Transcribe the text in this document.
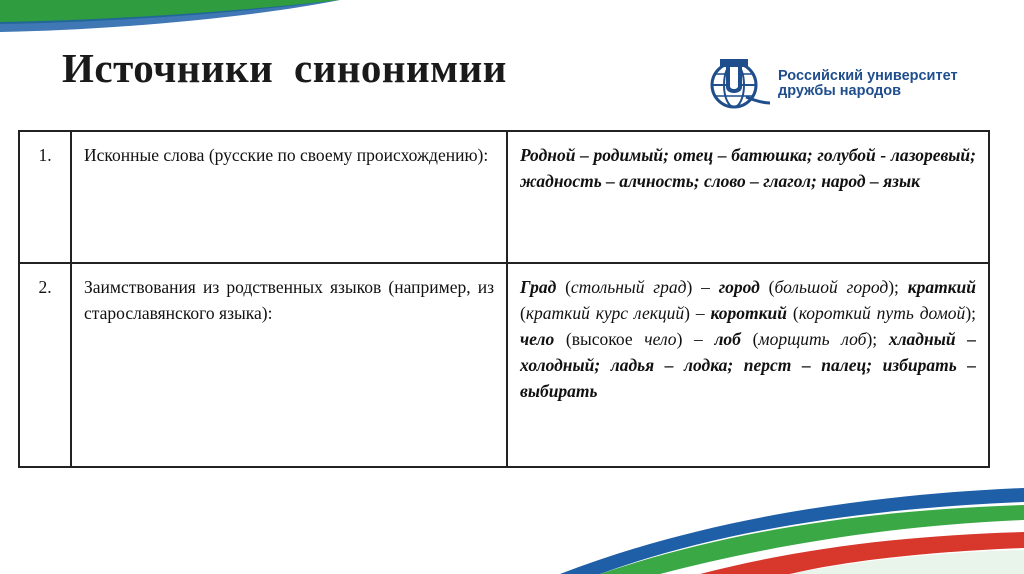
Источники синонимии	Российский университет
дружбы народов
1.	Исконные слова (русские по своему происхождению):	Родной – родимый; отец – батюшка; голубой - лазоревый; жадность – алчность; слово – глагол; народ – язык
2.	Заимствования из родственных языков (например, из старославянского языка):	Град (стольный град) – город (большой город); краткий (краткий курс лекций) – короткий (короткий путь домой); чело (высокое чело) – лоб (морщить лоб); хладный – холодный; ладья – лодка; перст – палец; избирать – выбирать
